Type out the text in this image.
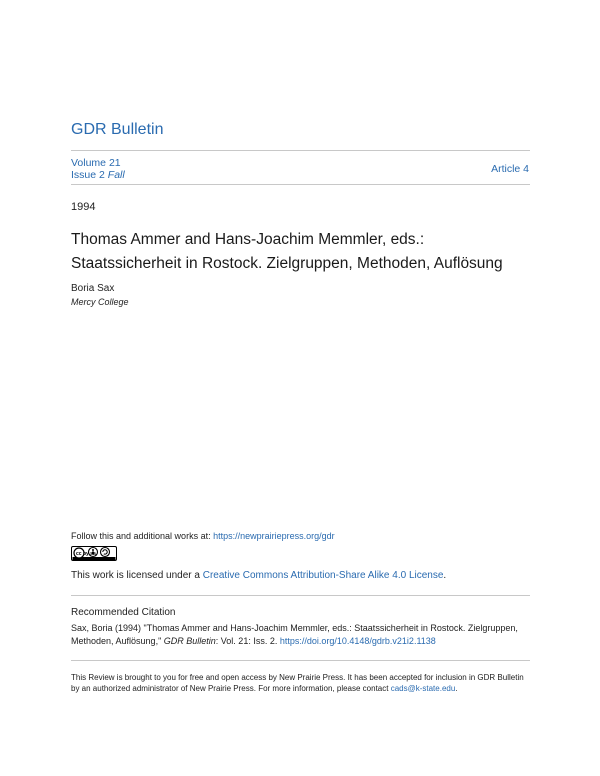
GDR Bulletin
Volume 21
Issue 2 Fall	Article 4
1994
Thomas Ammer and Hans-Joachim Memmler, eds.:
Staatssicherheit in Rostock. Zielgruppen, Methoden, Auflösung
Boria Sax
Mercy College
Follow this and additional works at: https://newprairiepress.org/gdr
cc by sa
This work is licensed under a Creative Commons Attribution-Share Alike 4.0 License.
Recommended Citation
Sax, Boria (1994) "Thomas Ammer and Hans-Joachim Memmler, eds.: Staatssicherheit in Rostock. Zielgruppen, Methoden, Auflösung," GDR Bulletin: Vol. 21: Iss. 2. https://doi.org/10.4148/gdrb.v21i2.1138
This Review is brought to you for free and open access by New Prairie Press. It has been accepted for inclusion in GDR Bulletin by an authorized administrator of New Prairie Press. For more information, please contact cads@k-state.edu.
